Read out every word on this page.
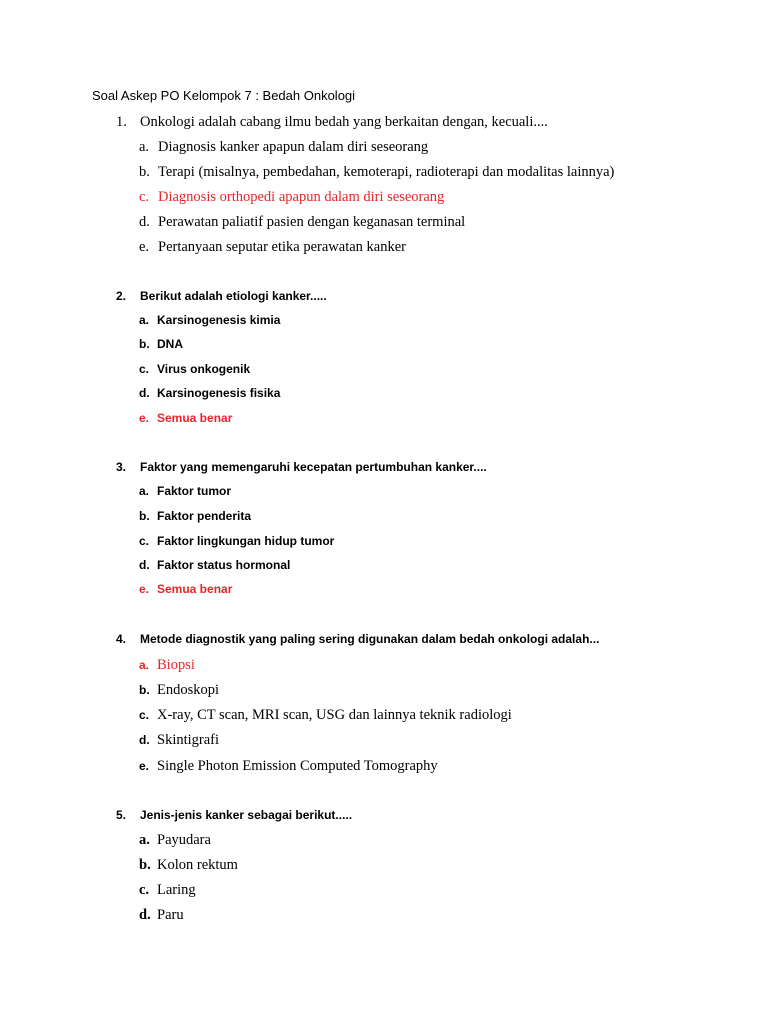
Soal Askep PO Kelompok 7 : Bedah Onkologi
1. Onkologi adalah cabang ilmu bedah yang berkaitan dengan, kecuali....
a. Diagnosis kanker apapun dalam diri seseorang
b. Terapi (misalnya, pembedahan, kemoterapi, radioterapi dan modalitas lainnya)
c. Diagnosis orthopedi apapun dalam diri seseorang
d. Perawatan paliatif pasien dengan keganasan terminal
e. Pertanyaan seputar etika perawatan kanker
2. Berikut adalah etiologi kanker.....
a. Karsinogenesis kimia
b. DNA
c. Virus onkogenik
d. Karsinogenesis fisika
e. Semua benar
3. Faktor yang memengaruhi kecepatan pertumbuhan kanker....
a. Faktor tumor
b. Faktor penderita
c. Faktor lingkungan hidup tumor
d. Faktor status hormonal
e. Semua benar
4. Metode diagnostik yang paling sering digunakan dalam bedah onkologi adalah...
a. Biopsi
b. Endoskopi
c. X-ray, CT scan, MRI scan, USG dan lainnya teknik radiologi
d. Skintigrafi
e. Single Photon Emission Computed Tomography
5. Jenis-jenis kanker sebagai berikut.....
a. Payudara
b. Kolon rektum
c. Laring
d. Paru
